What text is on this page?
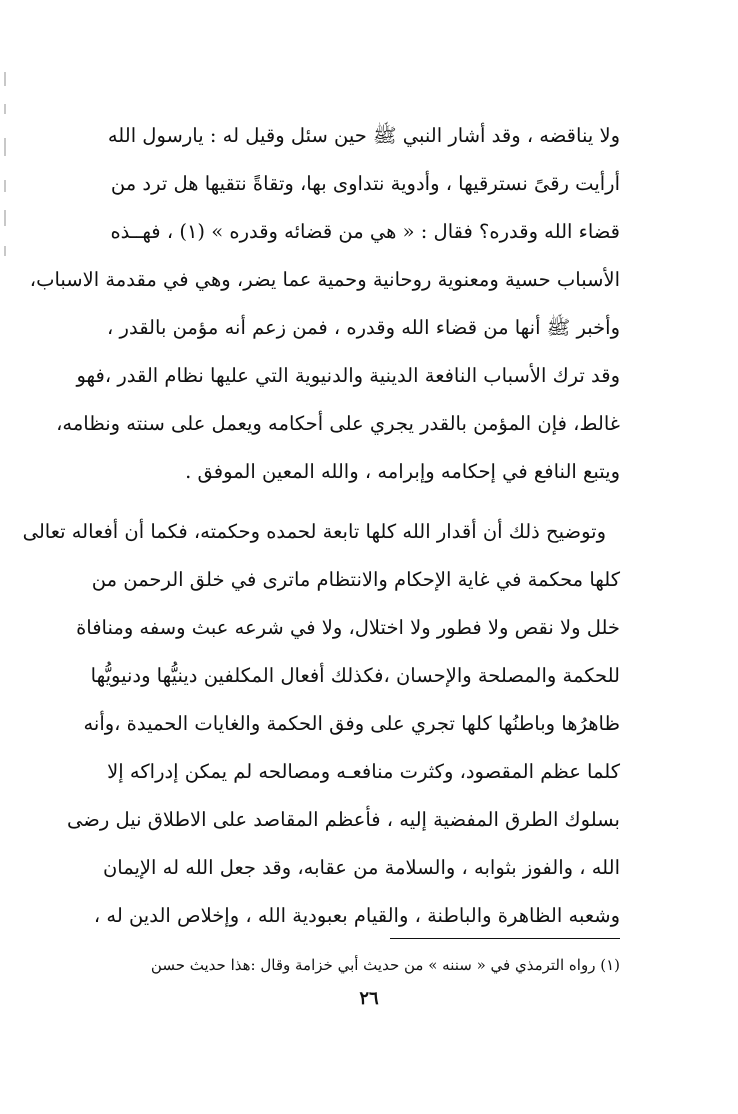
ولا يناقضه ، وقد أشار النبي ﷺ حين سئل وقيل له : يارسول الله
أرأيت رقىً نسترقيها ، وأدوية نتداوى بها، وتقاةً نتقيها هل ترد من
قضاء الله وقدره؟ فقال : « هي من قضائه وقدره » (١) ، فهــذه
الأسباب حسية ومعنوية روحانية وحمية عما يضر، وهي في مقدمة الاسباب،
وأخبر ﷺ أنها من قضاء الله وقدره ، فمن زعم أنه مؤمن بالقدر ،
وقد ترك الأسباب النافعة الدينية والدنيوية التي عليها نظام القدر ،فهو
غالط، فإن المؤمن بالقدر يجري على أحكامه ويعمل على سنته ونظامه،
ويتبع النافع في إحكامه وإبرامه ، والله المعين الموفق .
وتوضيح ذلك أن أقدار الله كلها تابعة لحمده وحكمته، فكما أن أفعاله تعالى
كلها محكمة في غاية الإحكام والانتظام ماترى في خلق الرحمن من
خلل ولا نقص ولا فطور ولا اختلال، ولا في شرعه عبث وسفه ومنافاة
للحكمة والمصلحة والإحسان ،فكذلك أفعال المكلفين دينيُّها ودنيويُّها
ظاهرُها وباطنُها كلها تجري على وفق الحكمة والغايات الحميدة ،وأنه
كلما عظم المقصود، وكثرت منافعـه ومصالحه لم يمكن إدراكه إلا
بسلوك الطرق المفضية إليه ، فأعظم المقاصد على الاطلاق نيل رضى
الله ، والفوز بثوابه ، والسلامة من عقابه، وقد جعل الله له الإيمان
وشعبه الظاهرة والباطنة ، والقيام بعبودية الله ، وإخلاص الدين له ،
(١) رواه الترمذي في « سننه » من حديث أبي خزامة وقال :هذا حديث حسن
٢٦
